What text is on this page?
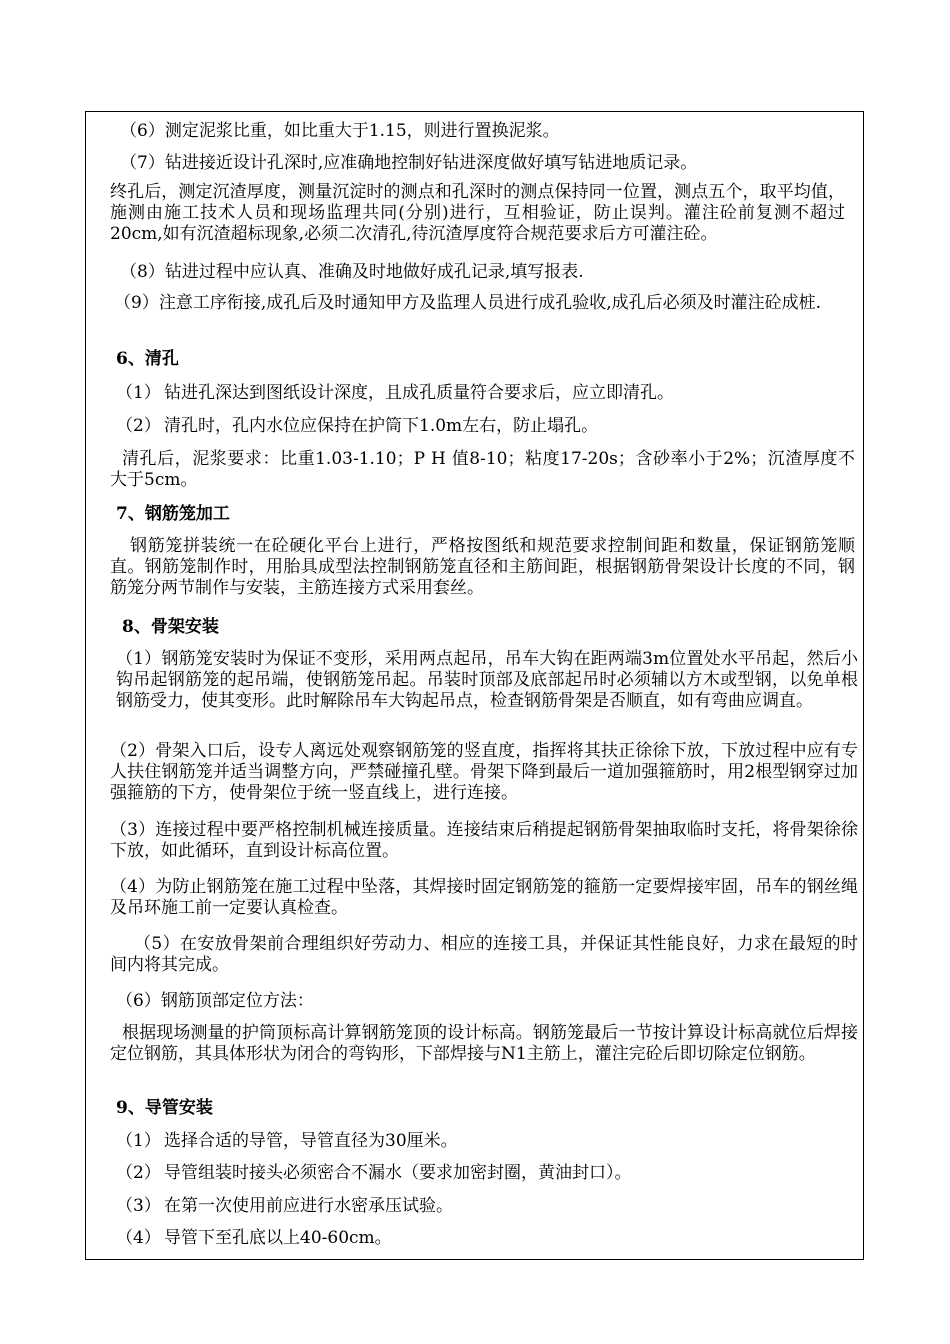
（6）测定泥浆比重，如比重大于1.15，则进行置换泥浆。
（7）钻进接近设计孔深时,应准确地控制好钻进深度做好填写钻进地质记录。
终孔后，测定沉渣厚度，测量沉淀时的测点和孔深时的测点保持同一位置，测点五个，取平均值，施测由施工技术人员和现场监理共同(分别)进行，互相验证，防止误判。灌注砼前复测不超过20cm,如有沉渣超标现象,必须二次清孔,待沉渣厚度符合规范要求后方可灌注砼。
（8）钻进过程中应认真、准确及时地做好成孔记录,填写报表.
（9）注意工序衔接,成孔后及时通知甲方及监理人员进行成孔验收,成孔后必须及时灌注砼成桩.
6、清孔
（1） 钻进孔深达到图纸设计深度，且成孔质量符合要求后，应立即清孔。
（2） 清孔时，孔内水位应保持在护筒下1.0m左右，防止塌孔。
清孔后，泥浆要求：比重1.03-1.10；P H 值8-10；粘度17-20s；含砂率小于2%；沉渣厚度不大于5cm。
7、钢筋笼加工
钢筋笼拼装统一在砼硬化平台上进行，严格按图纸和规范要求控制间距和数量，保证钢筋笼顺直。钢筋笼制作时，用胎具成型法控制钢筋笼直径和主筋间距，根据钢筋骨架设计长度的不同，钢筋笼分两节制作与安装，主筋连接方式采用套丝。
8、骨架安装
（1）钢筋笼安装时为保证不变形，采用两点起吊，吊车大钩在距两端3m位置处水平吊起，然后小钩吊起钢筋笼的起吊端，使钢筋笼吊起。吊装时顶部及底部起吊时必须辅以方木或型钢，以免单根钢筋受力，使其变形。此时解除吊车大钩起吊点，检查钢筋骨架是否顺直，如有弯曲应调直。
（2）骨架入口后，设专人离远处观察钢筋笼的竖直度，指挥将其扶正徐徐下放，下放过程中应有专人扶住钢筋笼并适当调整方向，严禁碰撞孔壁。骨架下降到最后一道加强箍筋时，用2根型钢穿过加强箍筋的下方，使骨架位于统一竖直线上，进行连接。
（3）连接过程中要严格控制机械连接质量。连接结束后稍提起钢筋骨架抽取临时支托，将骨架徐徐下放，如此循环，直到设计标高位置。
（4）为防止钢筋笼在施工过程中坠落，其焊接时固定钢筋笼的箍筋一定要焊接牢固，吊车的钢丝绳及吊环施工前一定要认真检查。
（5）在安放骨架前合理组织好劳动力、相应的连接工具，并保证其性能良好，力求在最短的时间内将其完成。
（6）钢筋顶部定位方法：
根据现场测量的护筒顶标高计算钢筋笼顶的设计标高。钢筋笼最后一节按计算设计标高就位后焊接定位钢筋，其具体形状为闭合的弯钩形，下部焊接与N1主筋上，灌注完砼后即切除定位钢筋。
9、导管安装
（1） 选择合适的导管，导管直径为30厘米。
（2） 导管组装时接头必须密合不漏水（要求加密封圈，黄油封口）。
（3） 在第一次使用前应进行水密承压试验。
（4） 导管下至孔底以上40-60cm。
